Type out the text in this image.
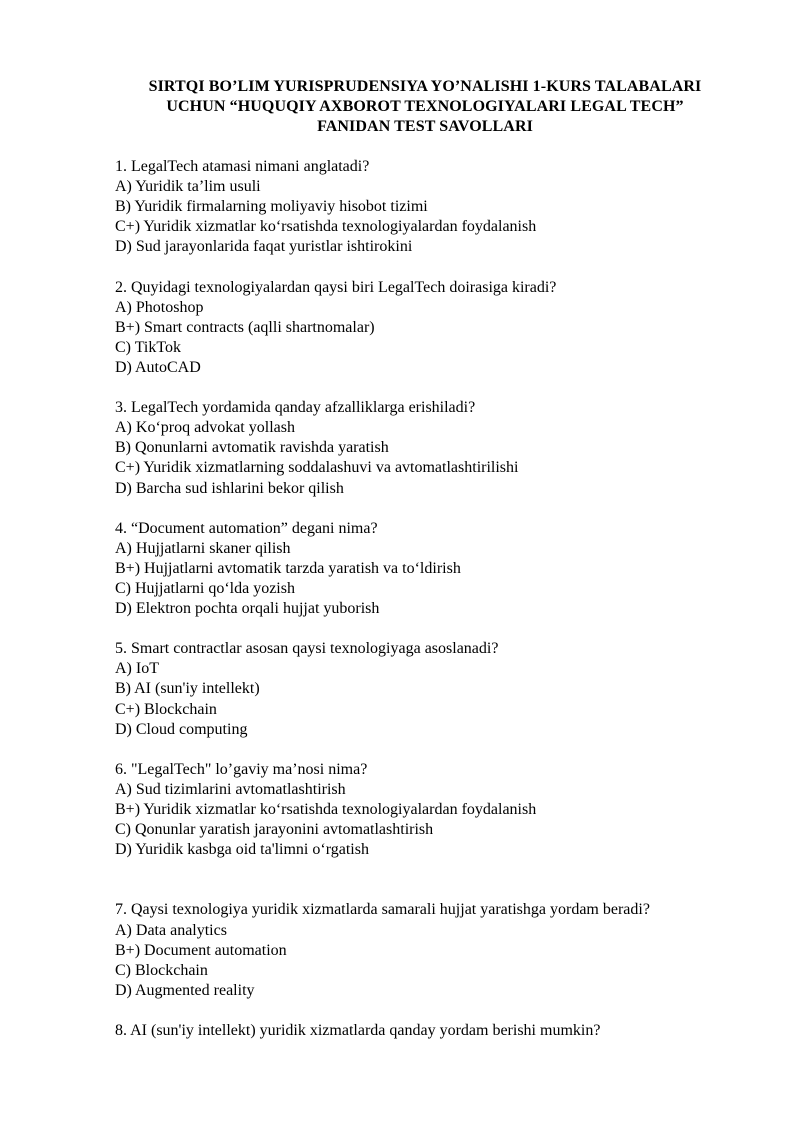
SIRTQI BO’LIM YURISPRUDENSIYA YO’NALISHI 1-KURS TALABALARI
UCHUN “HUQUQIY AXBOROT TEXNOLOGIYALARI LEGAL TECH”
FANIDAN TEST SAVOLLARI
1. LegalTech atamasi nimani anglatadi?
A) Yuridik ta’lim usuli
B) Yuridik firmalarning moliyaviy hisobot tizimi
C+) Yuridik xizmatlar ko‘rsatishda texnologiyalardan foydalanish
D) Sud jarayonlarida faqat yuristlar ishtirokini
2. Quyidagi texnologiyalardan qaysi biri LegalTech doirasiga kiradi?
A) Photoshop
B+) Smart contracts (aqlli shartnomalar)
C) TikTok
D) AutoCAD
3. LegalTech yordamida qanday afzalliklarga erishiladi?
A) Ko‘proq advokat yollash
B) Qonunlarni avtomatik ravishda yaratish
C+) Yuridik xizmatlarning soddalashuvi va avtomatlashtirilishi
D) Barcha sud ishlarini bekor qilish
4. “Document automation” degani nima?
A) Hujjatlarni skaner qilish
B+) Hujjatlarni avtomatik tarzda yaratish va to‘ldirish
C) Hujjatlarni qo‘lda yozish
D) Elektron pochta orqali hujjat yuborish
5. Smart contractlar asosan qaysi texnologiyaga asoslanadi?
A) IoT
B) AI (sun'iy intellekt)
C+) Blockchain
D) Cloud computing
6. "LegalTech" lo’gaviy ma’nosi nima?
A) Sud tizimlarini avtomatlashtirish
B+) Yuridik xizmatlar ko‘rsatishda texnologiyalardan foydalanish
C) Qonunlar yaratish jarayonini avtomatlashtirish
D) Yuridik kasbga oid ta'limni o‘rgatish
7. Qaysi texnologiya yuridik xizmatlarda samarali hujjat yaratishga yordam beradi?
A) Data analytics
B+) Document automation
C) Blockchain
D) Augmented reality
8. AI (sun'iy intellekt) yuridik xizmatlarda qanday yordam berishi mumkin?
